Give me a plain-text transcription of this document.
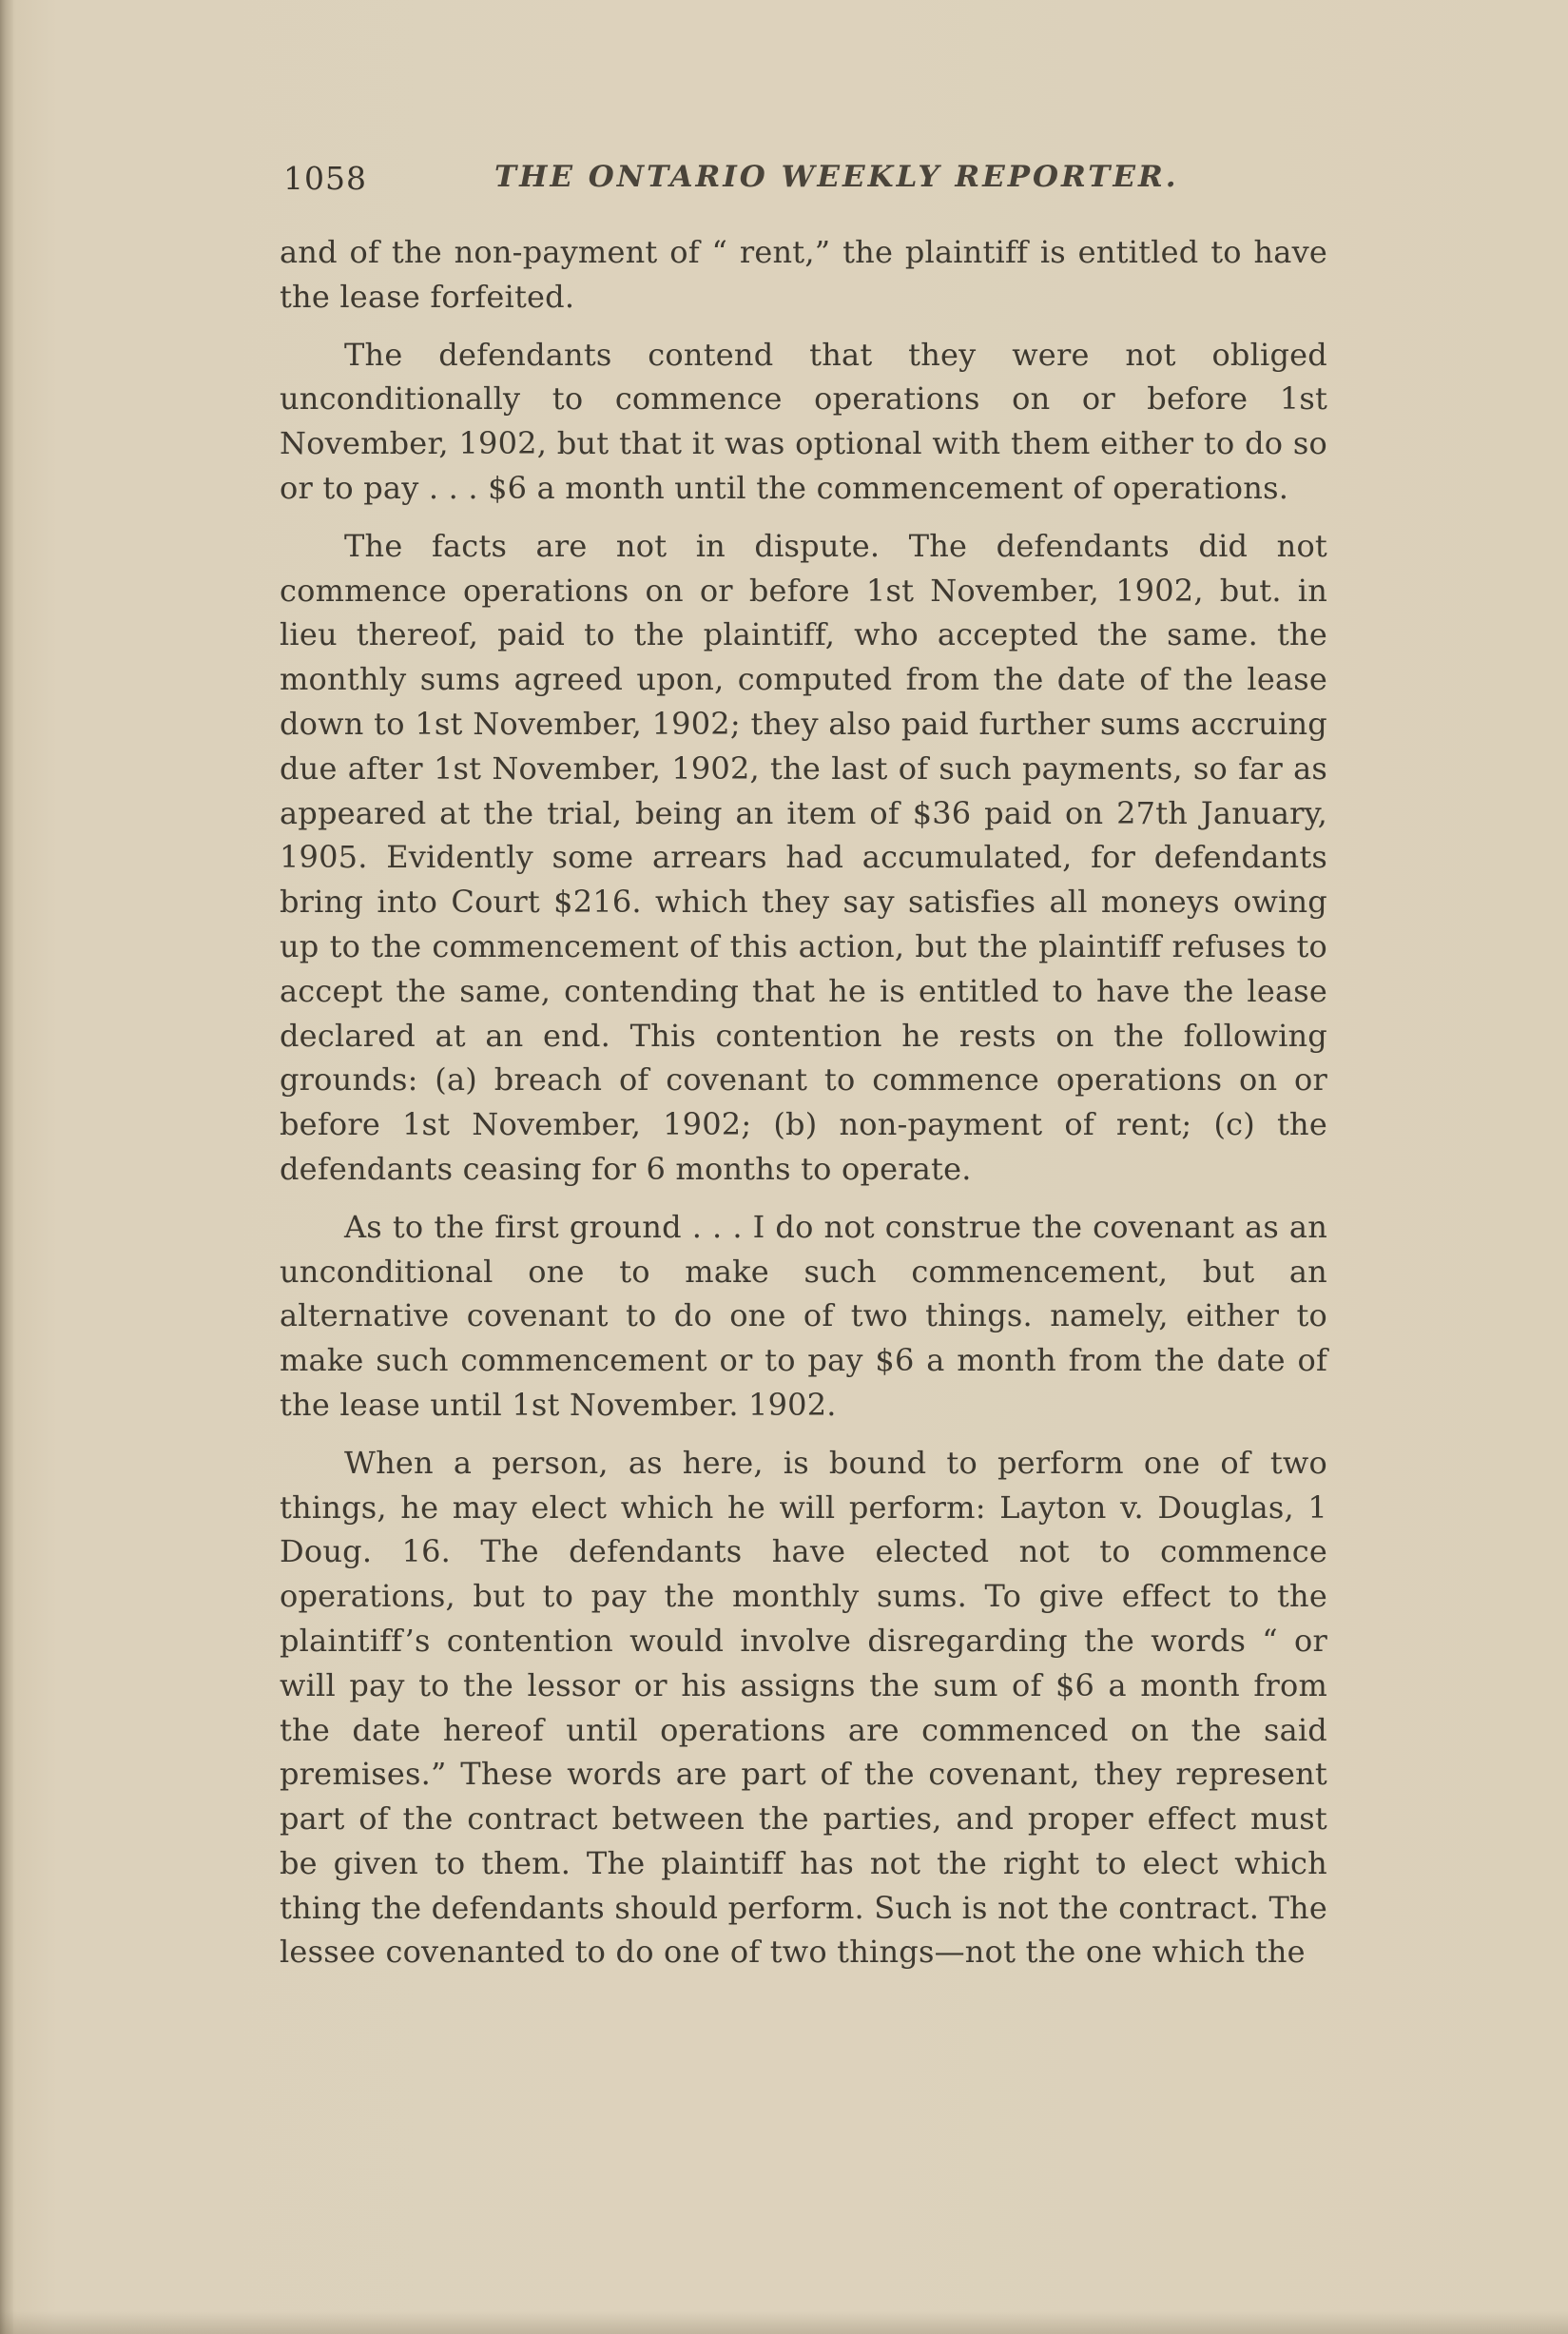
1058	THE ONTARIO WEEKLY REPORTER.

and of the non-payment of “ rent,” the plaintiff is entitled to have the lease forfeited.

The defendants contend that they were not obliged unconditionally to commence operations on or before 1st November, 1902, but that it was optional with them either to do so or to pay . . . $6 a month until the commencement of operations.

The facts are not in dispute. The defendants did not commence operations on or before 1st November, 1902, but. in lieu thereof, paid to the plaintiff, who accepted the same. the monthly sums agreed upon, computed from the date of the lease down to 1st November, 1902; they also paid further sums accruing due after 1st November, 1902, the last of such payments, so far as appeared at the trial, being an item of $36 paid on 27th January, 1905. Evidently some arrears had accumulated, for defendants bring into Court $216. which they say satisfies all moneys owing up to the commencement of this action, but the plaintiff refuses to accept the same, contending that he is entitled to have the lease declared at an end. This contention he rests on the following grounds: (a) breach of covenant to commence operations on or before 1st November, 1902; (b) non-payment of rent; (c) the defendants ceasing for 6 months to operate.

As to the first ground . . . I do not construe the covenant as an unconditional one to make such commencement, but an alternative covenant to do one of two things. namely, either to make such commencement or to pay $6 a month from the date of the lease until 1st November. 1902.

When a person, as here, is bound to perform one of two things, he may elect which he will perform: Layton v. Douglas, 1 Doug. 16. The defendants have elected not to commence operations, but to pay the monthly sums. To give effect to the plaintiff’s contention would involve disregarding the words “ or will pay to the lessor or his assigns the sum of $6 a month from the date hereof until operations are commenced on the said premises.” These words are part of the covenant, they represent part of the contract between the parties, and proper effect must be given to them. The plaintiff has not the right to elect which thing the defendants should perform. Such is not the contract. The lessee covenanted to do one of two things—not the one which the
